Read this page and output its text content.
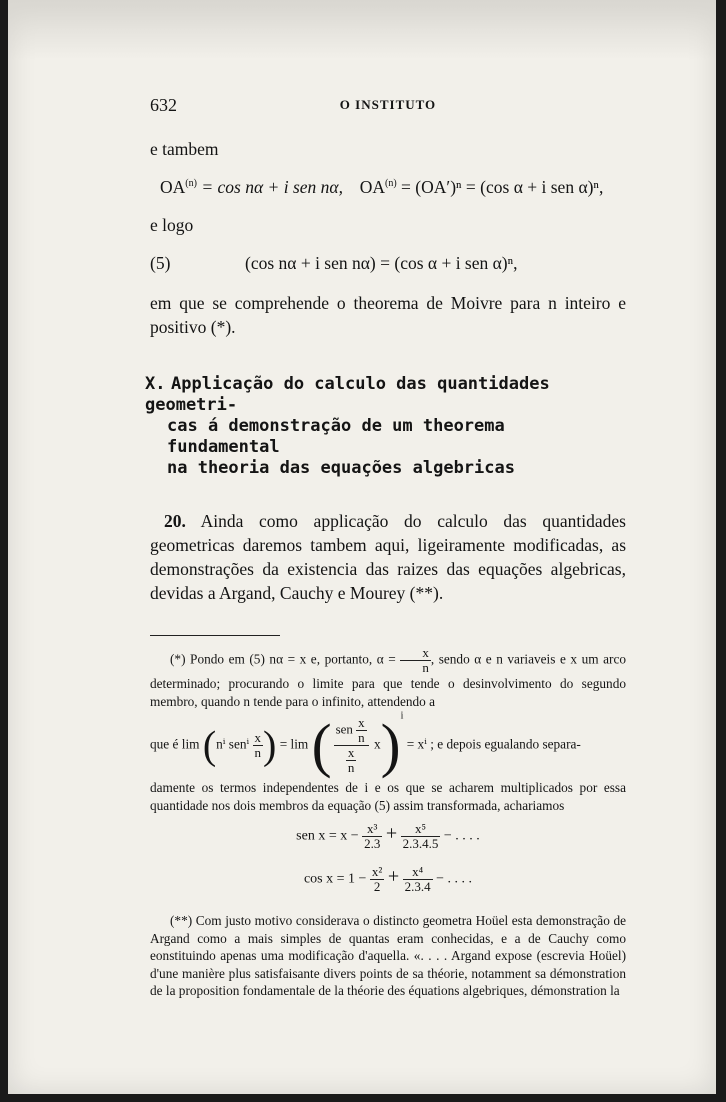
632	O INSTITUTO
e tambem
$OA^{(n)} = \cos n\alpha + i$ sen nα, $OA^{(n)} = (OA')^n = (\cos$ α + i sen α)ⁿ,
e logo
(5)	(cos nα + i sen nα) = (cos α + i sen α)ⁿ,
em que se comprehende o theorema de Moivre para n inteiro e positivo (*).
X. Applicação do calculo das quantidades geometri-
cas á demonstração de um theorema fundamental
na theoria das equações algebricas
20. Ainda como applicação do calculo das quantidades geometricas daremos tambem aqui, ligeiramente modificadas, as demonstrações da existencia das raizes das equações algebricas, devidas a Argand, Cauchy e Mourey (**).
(*) Pondo em (5) nα = x e, portanto, $\alpha = \frac{x}{n}$ , sendo α e n variaveis e x um arco determinado; procurando o limite para que tende o desinvolvimento do segundo membro, quando n tende para o infinito, attendendo a
que é lim (nⁱ senⁱ $\frac{x}{n}$ ) = lim ( $\frac{sen \frac{x}{n}}{\frac{x}{n}} x)^i = x^i$ ; e depois egualando separa-
damente os termos independentes de i e os que se acharem multiplicados por essa quantidade nos dois membros da equação (5) assim transformada, achariamos
sen $x = x - \frac{\text{x³}}{2.3} + \frac{\text{x⁵}}{2.3.4.5}$ − . . . .
$\cos x = 1 - \frac{\text{x²}}{2} + \frac{\text{x⁴}}{2.3.4}$ − . . . .
(**) Com justo motivo considerava o distincto geometra Hoüel esta demonstração de Argand como a mais simples de quantas eram conhecidas, e a de Cauchy como eonstituindo apenas uma modificação d'aquella. «. . . . Argand expose (escrevia Hoüel) d'une manière plus satisfaisante divers points de sa théorie, notamment sa démonstration de la proposition fondamentale de la théorie des équations algebriques, démonstration la
